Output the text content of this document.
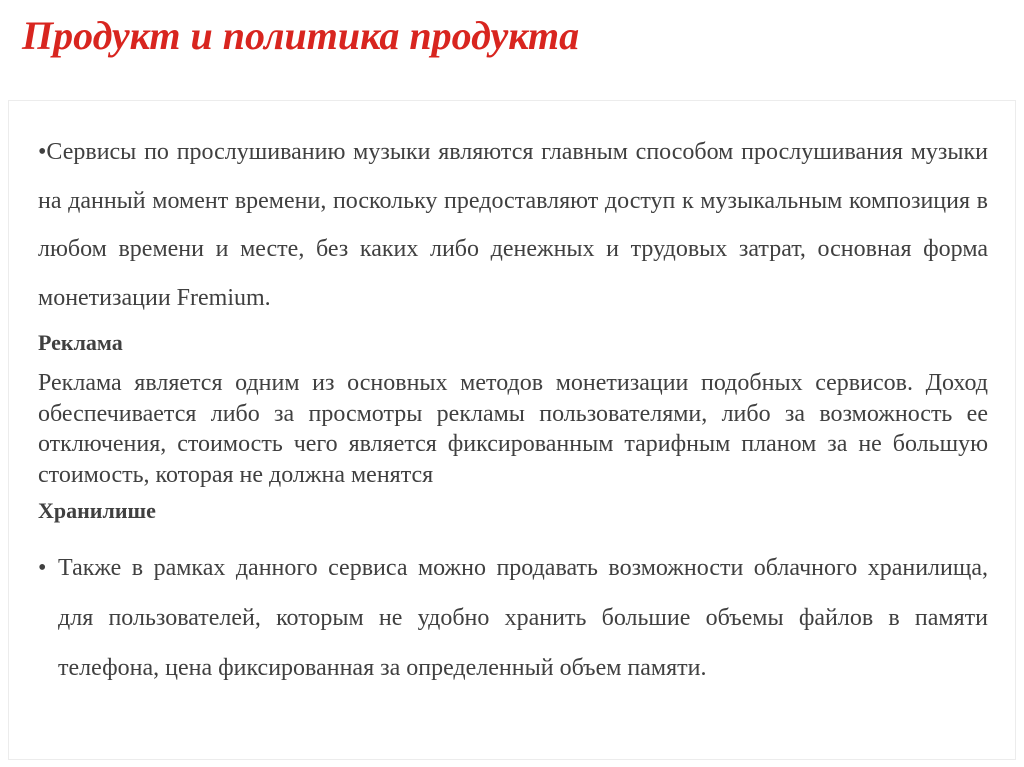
Продукт и политика продукта

•Сервисы по прослушиванию музыки являются главным способом прослушивания музыки на данный момент времени, поскольку предоставляют доступ к музыкальным композиция в любом времени и месте, без каких либо денежных и трудовых затрат, основная форма монетизации Fremium.

Реклама

Реклама является одним из основных методов монетизации подобных сервисов. Доход обеспечивается либо за просмотры рекламы пользователями, либо за возможность ее отключения, стоимость чего является фиксированным тарифным планом за не большую стоимость, которая не должна менятся

Хранилише
• Также в рамках данного сервиса можно продавать возможности облачного хранилища, для пользователей, которым не удобно хранить большие объемы файлов в памяти телефона, цена фиксированная за определенный объем памяти.
